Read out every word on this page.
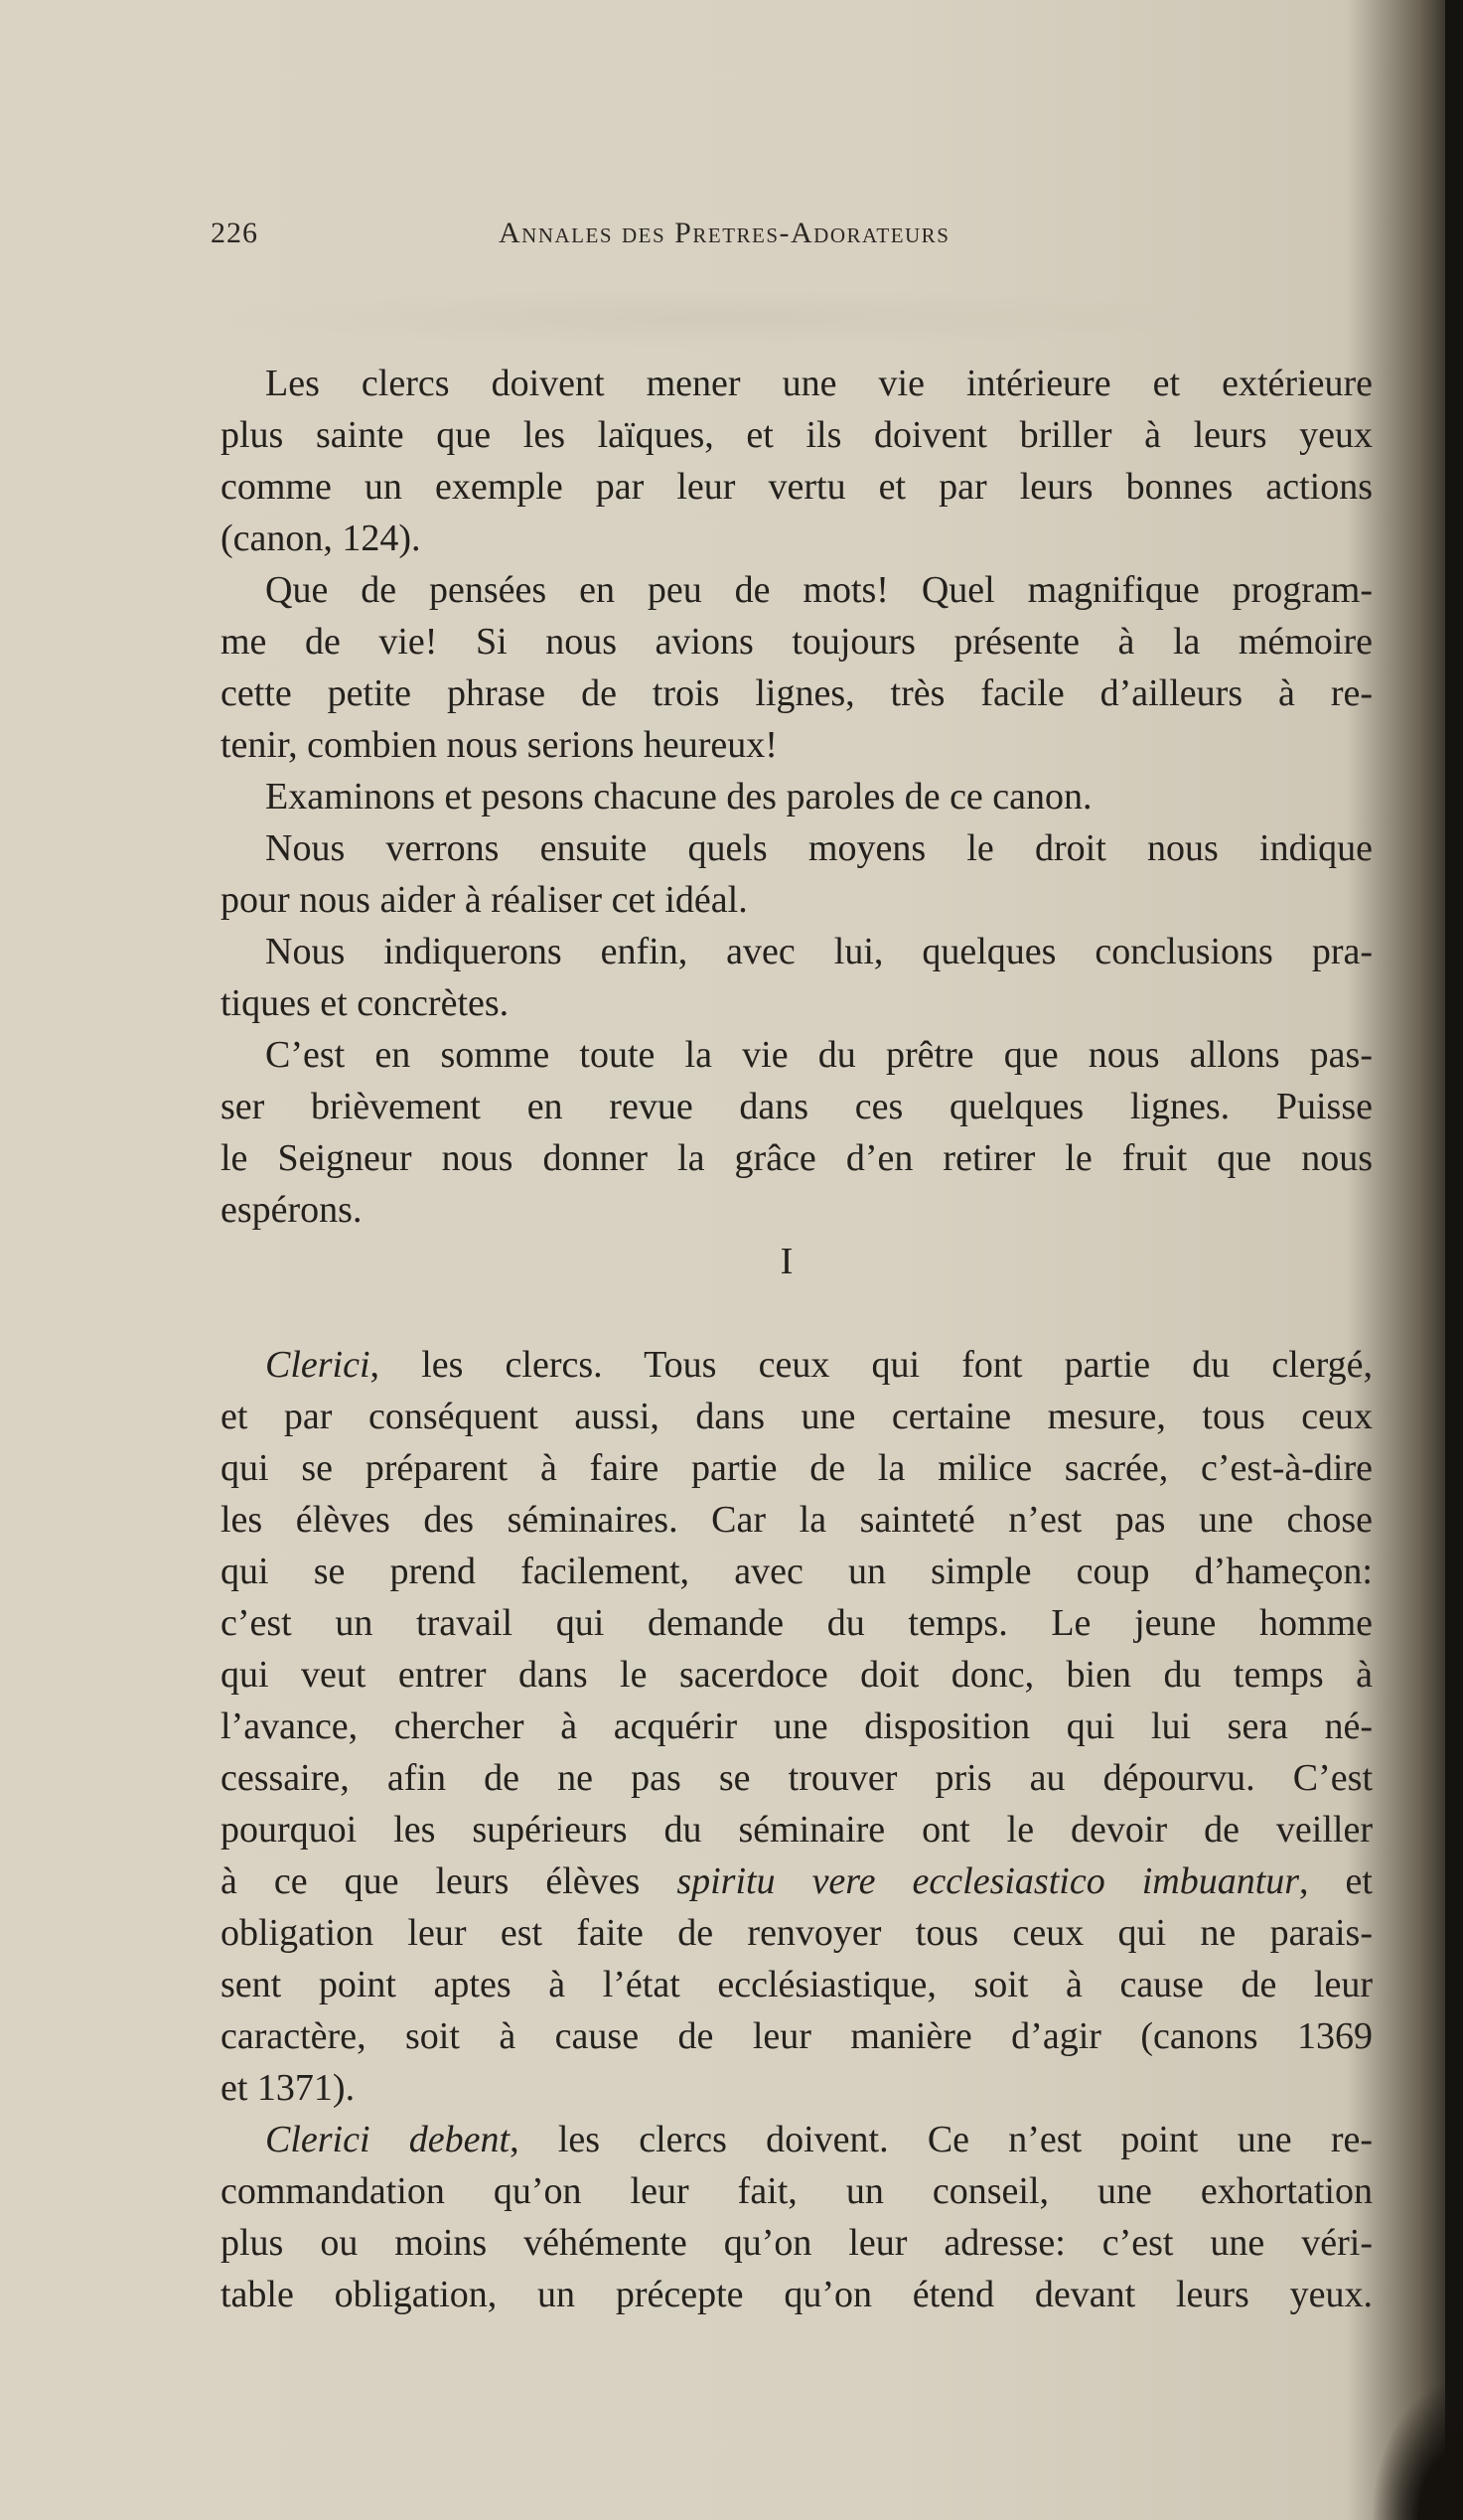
226	Annales des Pretres-Adorateurs
Les clercs doivent mener une vie intérieure et extérieure
plus sainte que les laïques, et ils doivent briller à leurs yeux
comme un exemple par leur vertu et par leurs bonnes actions
(canon, 124).
Que de pensées en peu de mots! Quel magnifique program-
me de vie! Si nous avions toujours présente à la mémoire
cette petite phrase de trois lignes, très facile d’ailleurs à re-
tenir, combien nous serions heureux!
Examinons et pesons chacune des paroles de ce canon.
Nous verrons ensuite quels moyens le droit nous indique
pour nous aider à réaliser cet idéal.
Nous indiquerons enfin, avec lui, quelques conclusions pra-
tiques et concrètes.
C’est en somme toute la vie du prêtre que nous allons pas-
ser brièvement en revue dans ces quelques lignes. Puisse
le Seigneur nous donner la grâce d’en retirer le fruit que nous
espérons.
I
Clerici, les clercs. Tous ceux qui font partie du clergé,
et par conséquent aussi, dans une certaine mesure, tous ceux
qui se préparent à faire partie de la milice sacrée, c’est-à-dire
les élèves des séminaires. Car la sainteté n’est pas une chose
qui se prend facilement, avec un simple coup d’hameçon:
c’est un travail qui demande du temps. Le jeune homme
qui veut entrer dans le sacerdoce doit donc, bien du temps à
l’avance, chercher à acquérir une disposition qui lui sera né-
cessaire, afin de ne pas se trouver pris au dépourvu. C’est
pourquoi les supérieurs du séminaire ont le devoir de veiller
à ce que leurs élèves spiritu vere ecclesiastico imbuantur, et
obligation leur est faite de renvoyer tous ceux qui ne parais-
sent point aptes à l’état ecclésiastique, soit à cause de leur
caractère, soit à cause de leur manière d’agir (canons 1369
et 1371).
Clerici debent, les clercs doivent. Ce n’est point une re-
commandation qu’on leur fait, un conseil, une exhortation
plus ou moins véhémente qu’on leur adresse: c’est une véri-
table obligation, un précepte qu’on étend devant leurs yeux.
